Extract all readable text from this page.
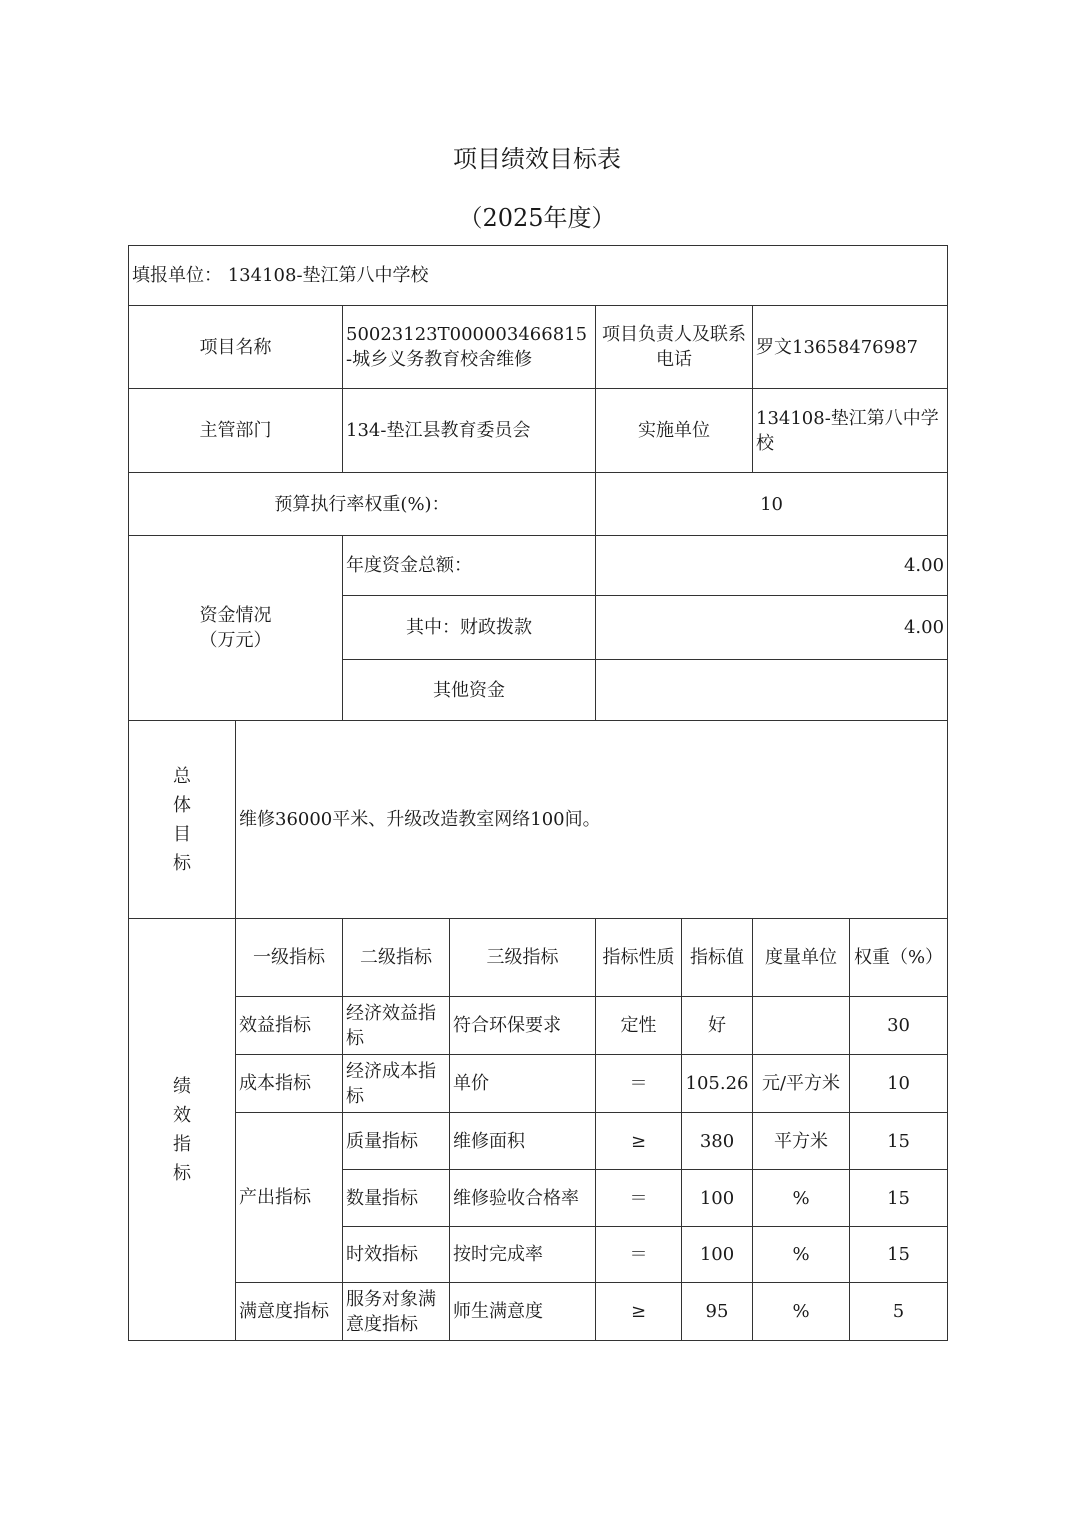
项目绩效目标表
（2025年度）
填报单位： 134108-垫江第八中学校							
项目名称		50023123T000003466815-城乡义务教育校舍维修		项目负责人及联系电话		罗文13658476987	
主管部门		134-垫江县教育委员会		实施单位		134108-垫江第八中学校	
预算执行率权重(%)：				10			
资金情况
（万元）		年度资金总额：		4.00			
		其中：财政拨款		4.00			
		其他资金					

总
体
目
标	维修36000平米、升级改造教室网络100间。						

绩
效
指
标	一级指标	二级指标	三级指标	指标性质	指标值	度量单位	权重（%）
	效益指标	经济效益指标	符合环保要求	定性	好		30
	成本指标	经济成本指标	单价	＝	105.26	元/平方米	10
	产出指标	质量指标	维修面积	≥	380	平方米	15
		数量指标	维修验收合格率	＝	100	%	15
		时效指标	按时完成率	＝	100	%	15
	满意度指标	服务对象满意度指标	师生满意度	≥	95	%	5
